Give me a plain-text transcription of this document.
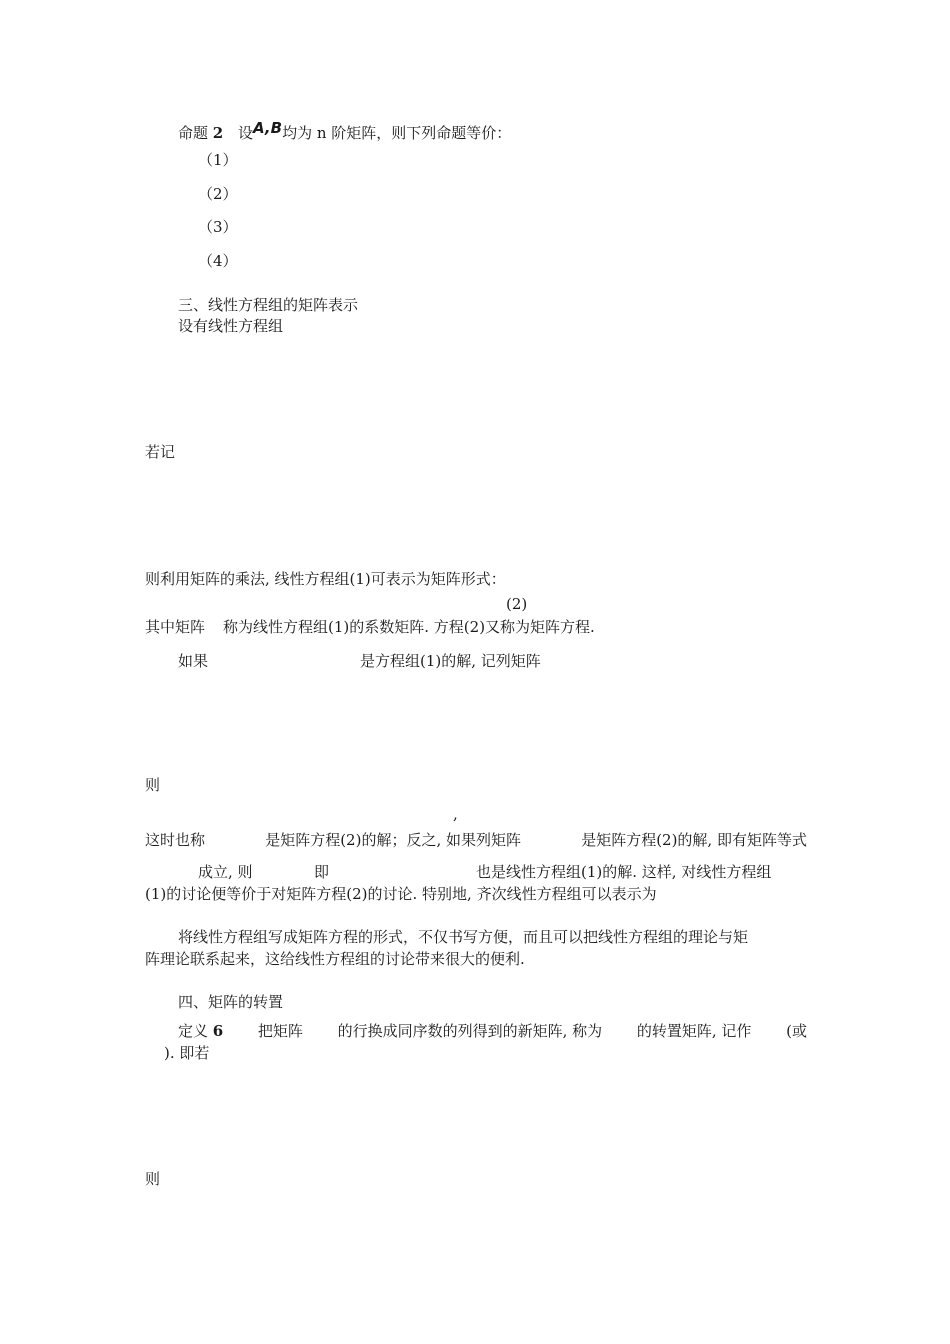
命题 2 设A,B均为 n 阶矩阵，则下列命题等价：
（1）
（2）
（3）
（4）
三、线性方程组的矩阵表示
设有线性方程组
若记
则利用矩阵的乘法, 线性方程组(1)可表示为矩阵形式：
(2)
其中矩阵 称为线性方程组(1)的系数矩阵. 方程(2)又称为矩阵方程.
如果	是方程组(1)的解, 记列矩阵
则
,
这时也称	是矩阵方程(2)的解；反之, 如果列矩阵	是矩阵方程(2)的解, 即有矩阵等式
成立, 则	即	也是线性方程组(1)的解. 这样, 对线性方程组
(1)的讨论便等价于对矩阵方程(2)的讨论. 特别地, 齐次线性方程组可以表示为
将线性方程组写成矩阵方程的形式，不仅书写方便，而且可以把线性方程组的理论与矩
阵理论联系起来，这给线性方程组的讨论带来很大的便利.
四、矩阵的转置
定义 6 把矩阵 的行换成同序数的列得到的新矩阵, 称为 的转置矩阵, 记作 (或
). 即若
则
